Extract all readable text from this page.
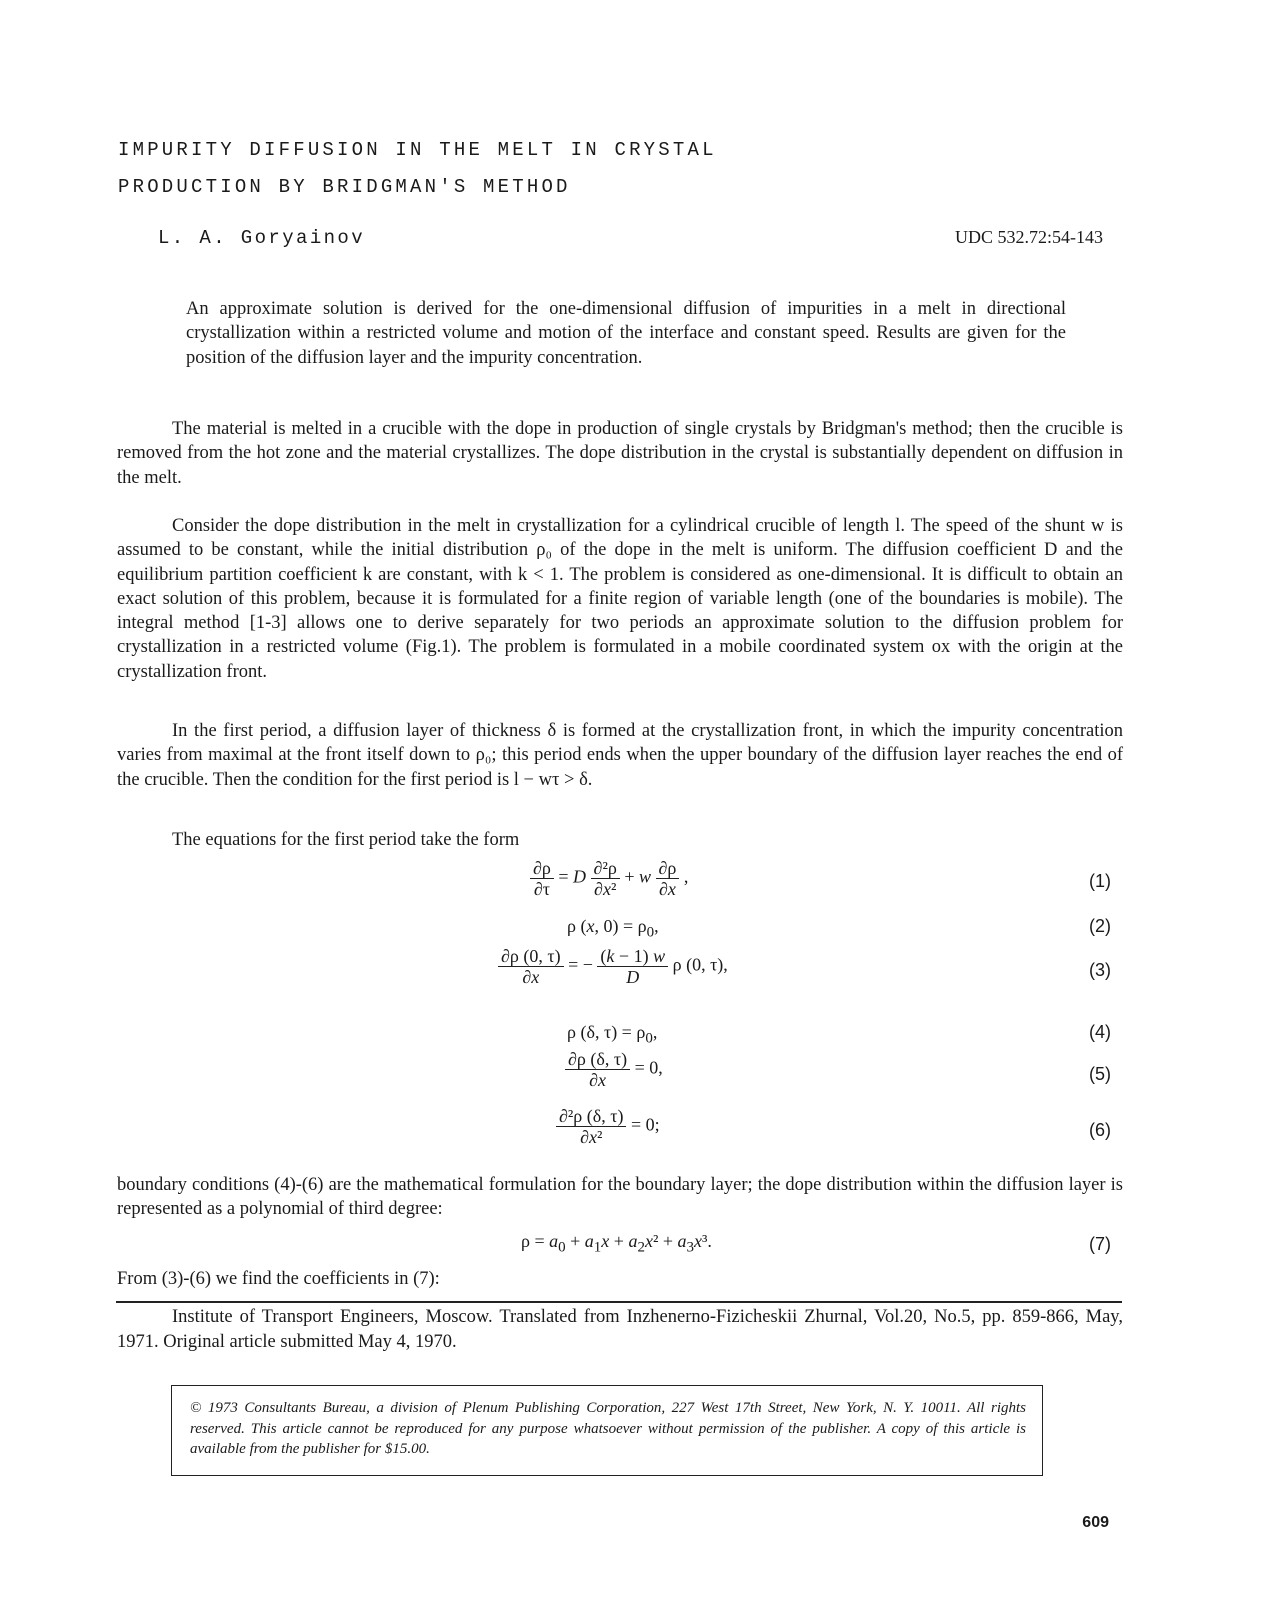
IMPURITY DIFFUSION IN THE MELT IN CRYSTAL
PRODUCTION BY BRIDGMAN'S METHOD
L. A. Goryainov	UDC 532.72:54-143
An approximate solution is derived for the one-dimensional diffusion of impurities in a melt in directional crystallization within a restricted volume and motion of the interface and constant speed. Results are given for the position of the diffusion layer and the impurity concentration.
The material is melted in a crucible with the dope in production of single crystals by Bridgman's method; then the crucible is removed from the hot zone and the material crystallizes. The dope distribution in the crystal is substantially dependent on diffusion in the melt.
Consider the dope distribution in the melt in crystallization for a cylindrical crucible of length l. The speed of the shunt w is assumed to be constant, while the initial distribution ρ₀ of the dope in the melt is uniform. The diffusion coefficient D and the equilibrium partition coefficient k are constant, with k < 1. The problem is considered as one-dimensional. It is difficult to obtain an exact solution of this problem, because it is formulated for a finite region of variable length (one of the boundaries is mobile). The integral method [1-3] allows one to derive separately for two periods an approximate solution to the diffusion problem for crystallization in a restricted volume (Fig.1). The problem is formulated in a mobile coordinated system ox with the origin at the crystallization front.
In the first period, a diffusion layer of thickness δ is formed at the crystallization front, in which the impurity concentration varies from maximal at the front itself down to ρ₀; this period ends when the upper boundary of the diffusion layer reaches the end of the crucible. Then the condition for the first period is l − wτ > δ.
The equations for the first period take the form
$\frac{\partial\rho}{\partial\tau} = D \frac{\text{∂²ρ}}{\text{∂x²}} + w \frac{\partial\rho}{\partial x}$ ,	(1)
ρ (x, $0) = \rho_0$,	(2)
$\frac{\partial\rho (0, \tau)}{\partial x}$ = − $\frac{(k - 1) w}{D}$ ρ (0, τ),	(3)
ρ (δ, $\tau) = \rho_0$,	(4)
$\frac{\partial\rho (\delta, \tau)}{\partial x} = 0$,	(5)
$\frac{\text{∂²ρ (δ, τ)}}{\text{∂x²}} = 0$;	(6)
boundary conditions (4)-(6) are the mathematical formulation for the boundary layer; the dope distribution within the diffusion layer is represented as a polynomial of third degree:
$\rho = a_0 + a_1x + a_2x^2 + a_3x^3$.	(7)
From (3)-(6) we find the coefficients in (7):
Institute of Transport Engineers, Moscow. Translated from Inzhenerno-Fizicheskii Zhurnal, Vol.20, No.5, pp. 859-866, May, 1971. Original article submitted May 4, 1970.
© 1973 Consultants Bureau, a division of Plenum Publishing Corporation, 227 West 17th Street, New York, N. Y. 10011. All rights reserved. This article cannot be reproduced for any purpose whatsoever without permission of the publisher. A copy of this article is available from the publisher for $15.00.
609
